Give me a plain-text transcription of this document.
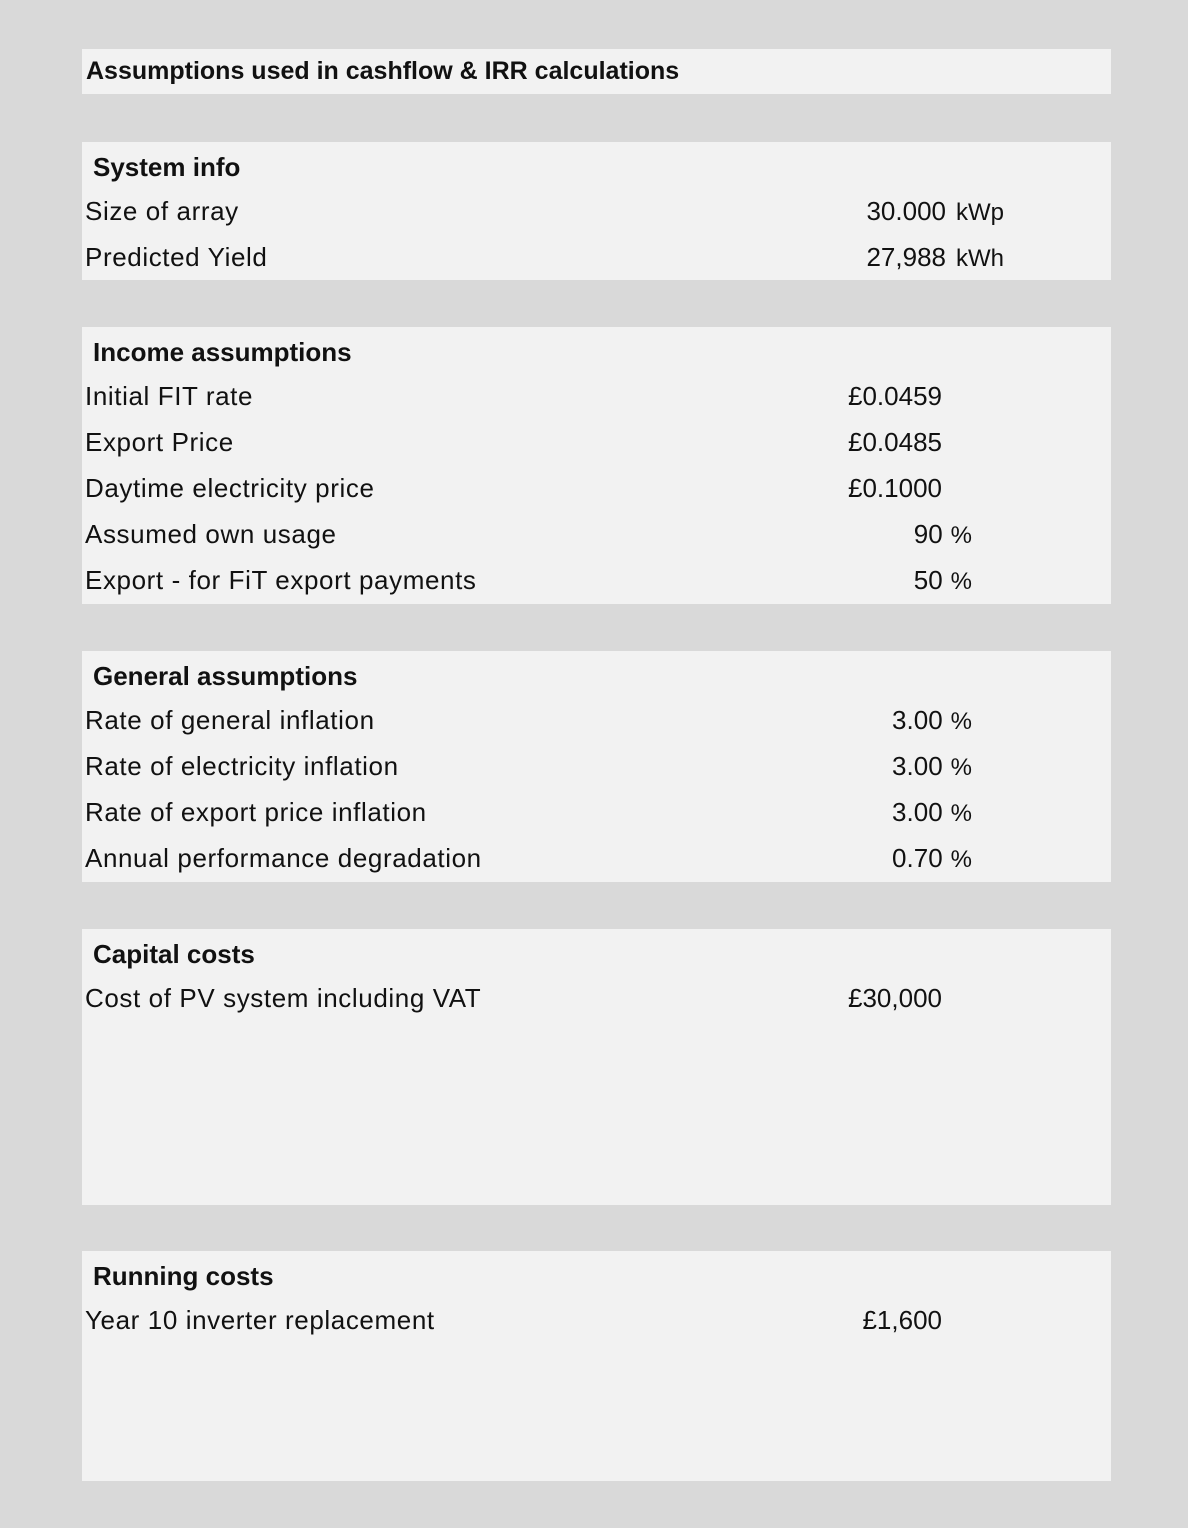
Assumptions used in cashflow & IRR calculations
System info
Size of array	30.000 kWp
Predicted Yield	27,988 kWh
Income assumptions
Initial FIT rate	£0.0459
Export Price	£0.0485
Daytime electricity price	£0.1000
Assumed own usage	90 %
Export - for FiT export payments	50 %
General assumptions
Rate of general inflation	3.00 %
Rate of electricity inflation	3.00 %
Rate of export price inflation	3.00 %
Annual performance degradation	0.70 %
Capital costs
Cost of PV system including VAT	£30,000
Running costs
Year 10 inverter replacement	£1,600
